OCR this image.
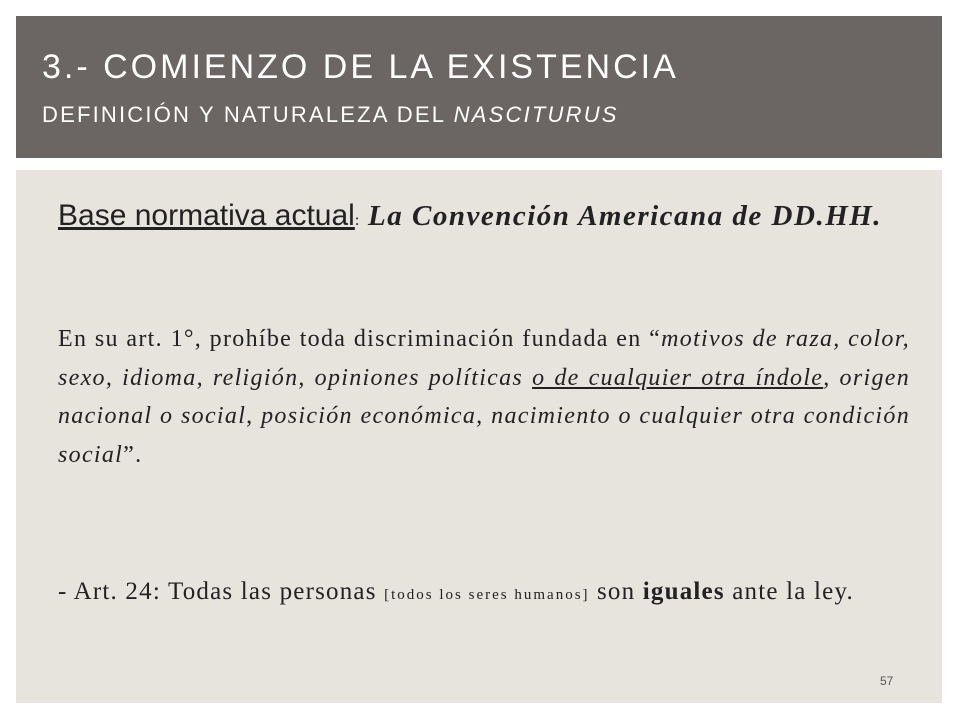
3.- COMIENZO DE LA EXISTENCIA
DEFINICIÓN Y NATURALEZA DEL NASCITURUS
Base normativa actual: La Convención Americana de DD.HH.
En su art. 1°, prohíbe toda discriminación fundada en “motivos de raza, color, sexo, idioma, religión, opiniones políticas o de cualquier otra índole, origen nacional o social, posición económica, nacimiento o cualquier otra condición social”.
- Art. 24: Todas las personas [todos los seres humanos] son iguales ante la ley.
57
